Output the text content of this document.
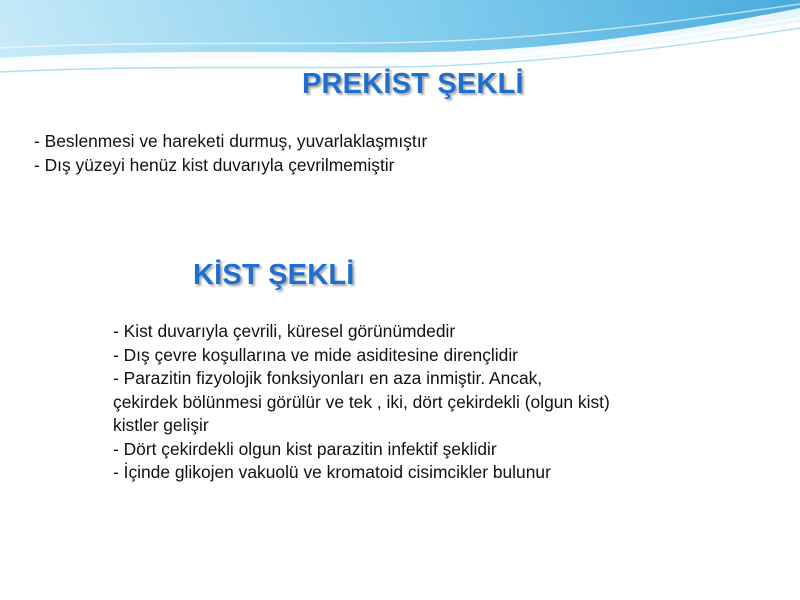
PREKİST ŞEKLİ
- Beslenmesi ve hareketi durmuş, yuvarlaklaşmıştır
- Dış yüzeyi henüz kist duvarıyla çevrilmemiştir
KİST ŞEKLİ
- Kist duvarıyla çevrili, küresel görünümdedir
- Dış çevre koşullarına ve mide asiditesine dirençlidir
- Parazitin fizyolojik fonksiyonları en aza inmiştir. Ancak,
çekirdek bölünmesi görülür ve tek , iki, dört çekirdekli (olgun kist)
kistler gelişir
- Dört çekirdekli olgun kist parazitin infektif şeklidir
- İçinde glikojen vakuolü ve kromatoid cisimcikler bulunur
